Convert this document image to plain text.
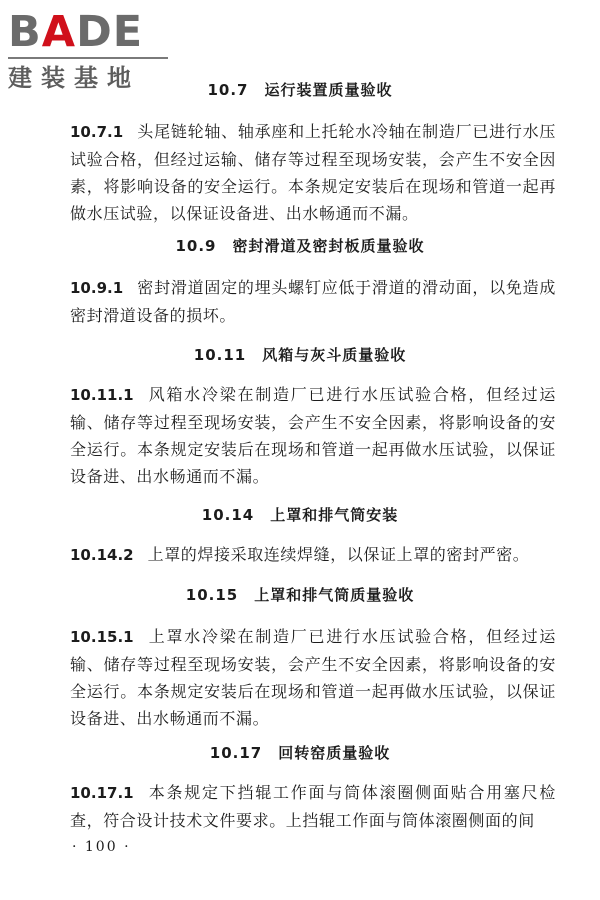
BADE
建装基地	10.7 运行装置质量验收
10.7.1 头尾链轮轴、轴承座和上托轮水冷轴在制造厂已进行水压试验合格，但经过运输、储存等过程至现场安装，会产生不安全因素，将影响设备的安全运行。本条规定安装后在现场和管道一起再做水压试验，以保证设备进、出水畅通而不漏。
10.9 密封滑道及密封板质量验收
10.9.1 密封滑道固定的埋头螺钉应低于滑道的滑动面，以免造成密封滑道设备的损坏。
10.11 风箱与灰斗质量验收
10.11.1 风箱水冷梁在制造厂已进行水压试验合格，但经过运输、储存等过程至现场安装，会产生不安全因素，将影响设备的安全运行。本条规定安装后在现场和管道一起再做水压试验，以保证设备进、出水畅通而不漏。
10.14 上罩和排气筒安装
10.14.2 上罩的焊接采取连续焊缝，以保证上罩的密封严密。
10.15 上罩和排气筒质量验收
10.15.1 上罩水冷梁在制造厂已进行水压试验合格，但经过运输、储存等过程至现场安装，会产生不安全因素，将影响设备的安全运行。本条规定安装后在现场和管道一起再做水压试验，以保证设备进、出水畅通而不漏。
10.17 回转窑质量验收
10.17.1 本条规定下挡辊工作面与筒体滚圈侧面贴合用塞尺检查，符合设计技术文件要求。上挡辊工作面与筒体滚圈侧面的间
· 100 ·
